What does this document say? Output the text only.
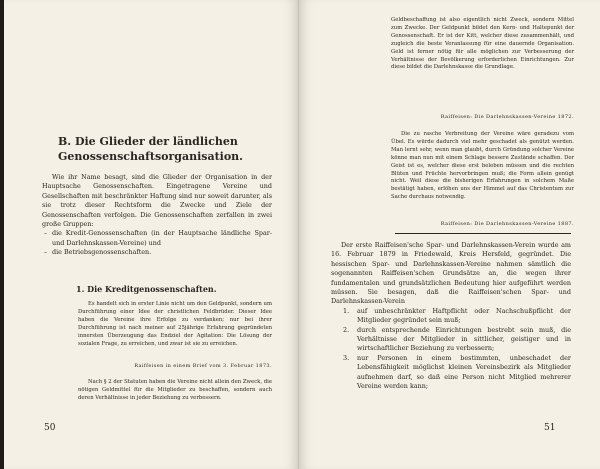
B. Die Glieder der ländlichen Genossenschaftsorganisation.

Wie ihr Name besagt, sind die Glieder der Organisation in der Hauptsache Genossenschaften. Eingetragene Vereine und Gesellschaften mit beschränkter Haftung sind nur soweit darunter, als sie trotz dieser Rechtsform die Zwecke und Ziele der Genossenschaften verfolgen. Die Genossenschaften zerfallen in zwei große Gruppen:

– die Kredit-Genossenschaften (in der Hauptsache ländliche Spar- und Darlehnskassen-Vereine) und
– die Betriebsgenossenschaften.
1. Die Kreditgenossenschaften.

Es handelt sich in erster Linie nicht um den Geldpunkt, sondern um Durchführung einer Idee der christlichen Feldbrüder. Dieser Idee haben die Vereine ihre Erfolge zu verdanken; nur bei ihrer Durchführung ist nach meiner auf 25jährige Erfahrung gegründeten innersten Überzeugung das Endziel der Agitation: Die Lösung der sozialen Frage, zu erreichen, und zwar ist sie zu erreichen.

Raiffeisen in einem Brief vom 3. Februar 1873.

Nach § 2 der Statuten haben die Vereine nicht allein den Zweck, die nötigen Geldmittel für die Mitglieder zu beschaffen, sondern auch deren Verhältnisse in jeder Beziehung zu verbessern.

50

Geldbeschaffung ist also eigentlich nicht Zweck, sondern Mittel zum Zwecke. Der Geldpunkt bildet den Kern- und Haltepunkt der Genossenschaft. Er ist der Kitt, welcher diese zusammenhält, und zugleich die beste Veranlassung für eine dauernde Organisation. Geld ist ferner nötig für alle möglichen zur Verbesserung der Verhältnisse der Bevölkerung erforderlichen Einrichtungen. Zur diese bildet die Darlehnskasse die Grundlage.

Raiffeisen: Die Darlehnskassen-Vereine 1872.

Die zu rasche Verbreitung der Vereine wäre geradezu vom Übel. Es würde dadurch viel mehr geschadet als genützt werden. Man lernt sehr, wenn man glaubt, durch Gründung solcher Vereine könne man nun mit einem Schlage bessere Zustände schaffen. Der Geist ist es, welcher diese erst beleben müssen und die rechten Blüten und Früchte hervorbringen muß; die Form allein genügt nicht. Weil diese die bisherigen Erfahrungen in solchem Maße bestätigt haben, erlöhen uns der Himmel auf das Christentum zur Sache durchaus notwendig.

Raiffeisen: Die Darlehnskassen-Vereine 1887.

Der erste Raiffeisen'sche Spar- und Darlehnskassen-Verein wurde am 16. Februar 1879 in Friedewald, Kreis Hersfeld, gegründet. Die hessischen Spar- und Darlehnskassen-Vereine nahmen sämtlich die sogenannten Raiffeisen'schen Grundsätze an, die wegen ihrer fundamentalen und grundsätzlichen Bedeutung hier aufgeführt werden müssen. Sie besagen, daß die Raiffeisen'schen Spar- und Darlehnskassen-Verein

1. auf unbeschränkter Haftpflicht oder Nachschußpflicht der Mitglieder gegründet sein muß;
2. durch entsprechende Einrichtungen bestrebt sein muß, die Verhältnisse der Mitglieder in sittlicher, geistiger und in wirtschaftlicher Beziehung zu verbessern;
3. nur Personen in einem bestimmten, unbeschadet der Lebensfähigkeit möglichst kleinen Vereinsbezirk als Mitglieder aufnehmen darf, so daß eine Person nicht Mitglied mehrerer Vereine werden kann;
51
